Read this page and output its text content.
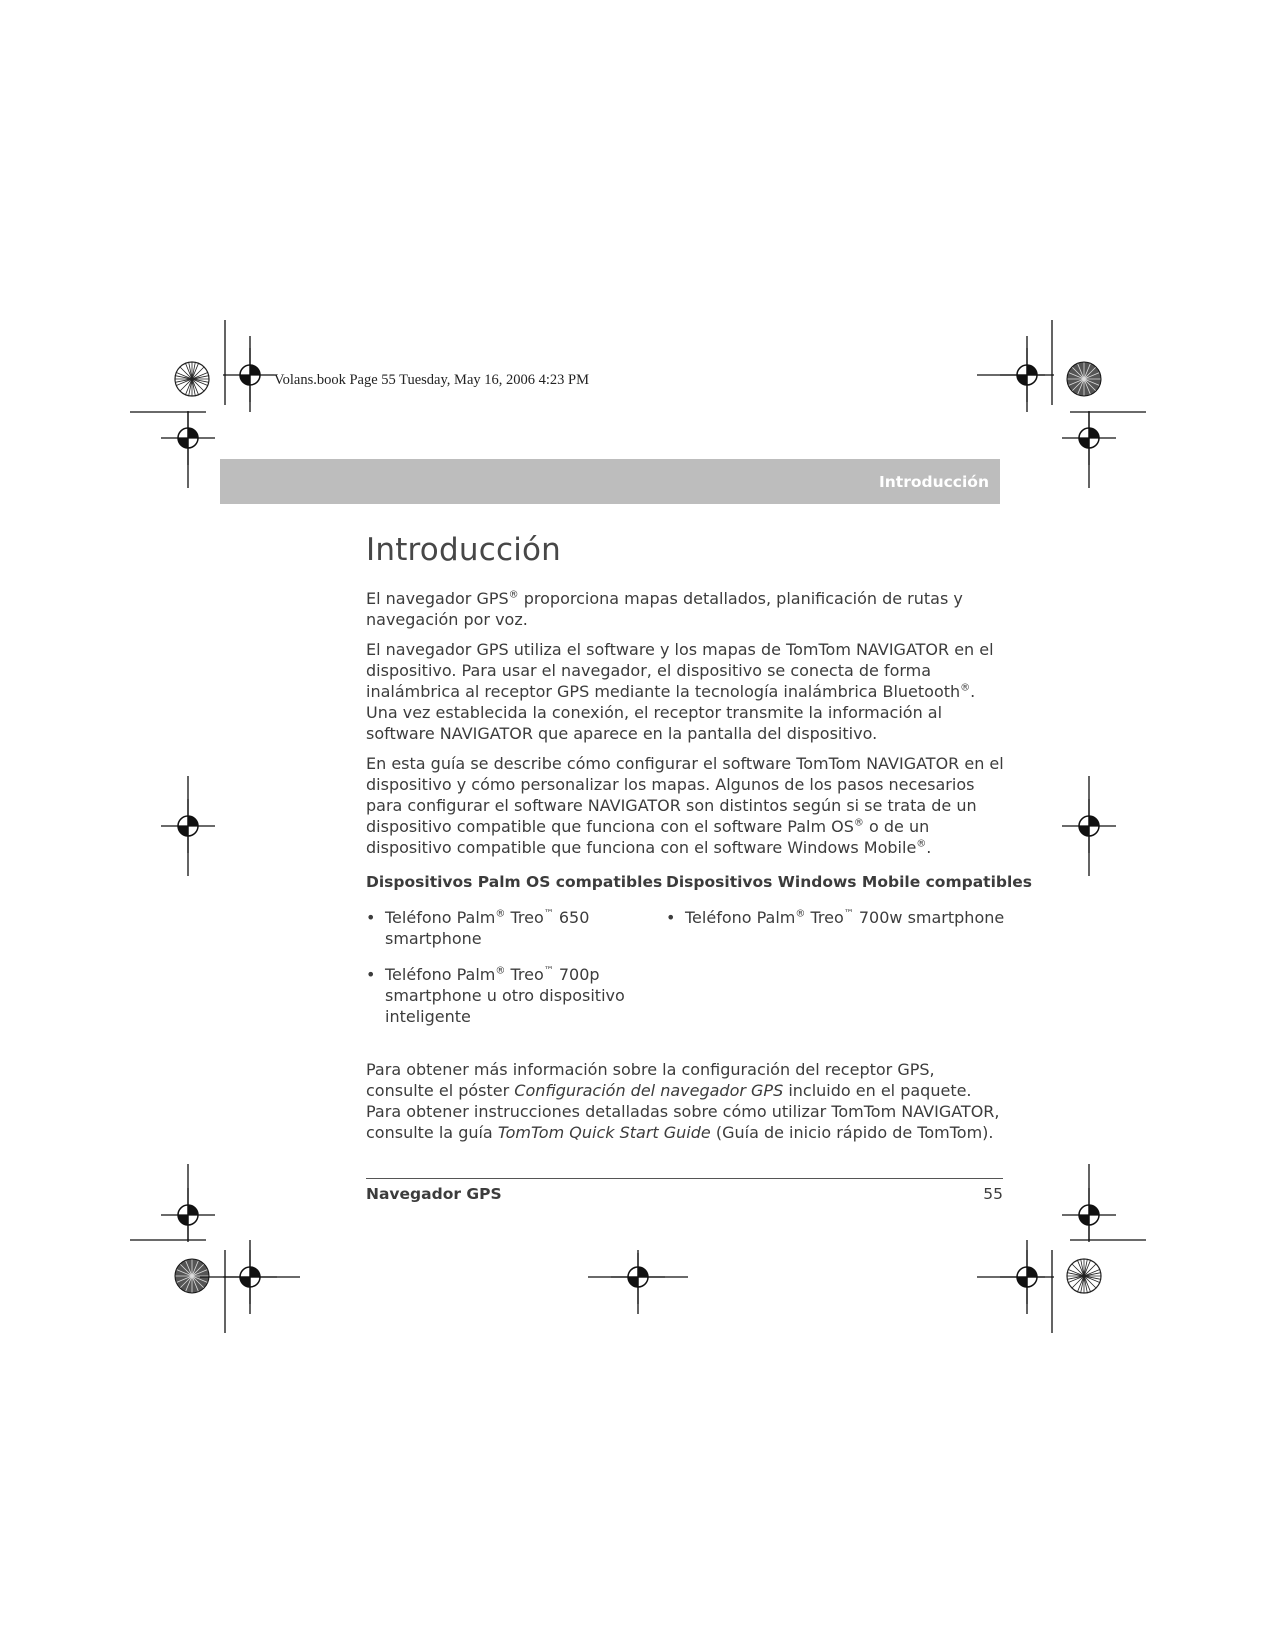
Volans.book Page 55 Tuesday, May 16, 2006 4:23 PM
Introducción
Introducción

El navegador GPS® proporciona mapas detallados, planificación de rutas y navegación por voz.

El navegador GPS utiliza el software y los mapas de TomTom NAVIGATOR en el dispositivo. Para usar el navegador, el dispositivo se conecta de forma inalámbrica al receptor GPS mediante la tecnología inalámbrica Bluetooth®. Una vez establecida la conexión, el receptor transmite la información al software NAVIGATOR que aparece en la pantalla del dispositivo.

En esta guía se describe cómo configurar el software TomTom NAVIGATOR en el dispositivo y cómo personalizar los mapas. Algunos de los pasos necesarios para configurar el software NAVIGATOR son distintos según si se trata de un dispositivo compatible que funciona con el software Palm OS® o de un dispositivo compatible que funciona con el software Windows Mobile®.

Dispositivos Palm OS compatibles
• Teléfono Palm® Treo™ 650 smartphone
• Teléfono Palm® Treo™ 700p smartphone u otro dispositivo inteligente
Dispositivos Windows Mobile compatibles
• Teléfono Palm® Treo™ 700w smartphone

Para obtener más información sobre la configuración del receptor GPS, consulte el póster Configuración del navegador GPS incluido en el paquete. Para obtener instrucciones detalladas sobre cómo utilizar TomTom NAVIGATOR, consulte la guía TomTom Quick Start Guide (Guía de inicio rápido de TomTom).

Navegador GPS	55
